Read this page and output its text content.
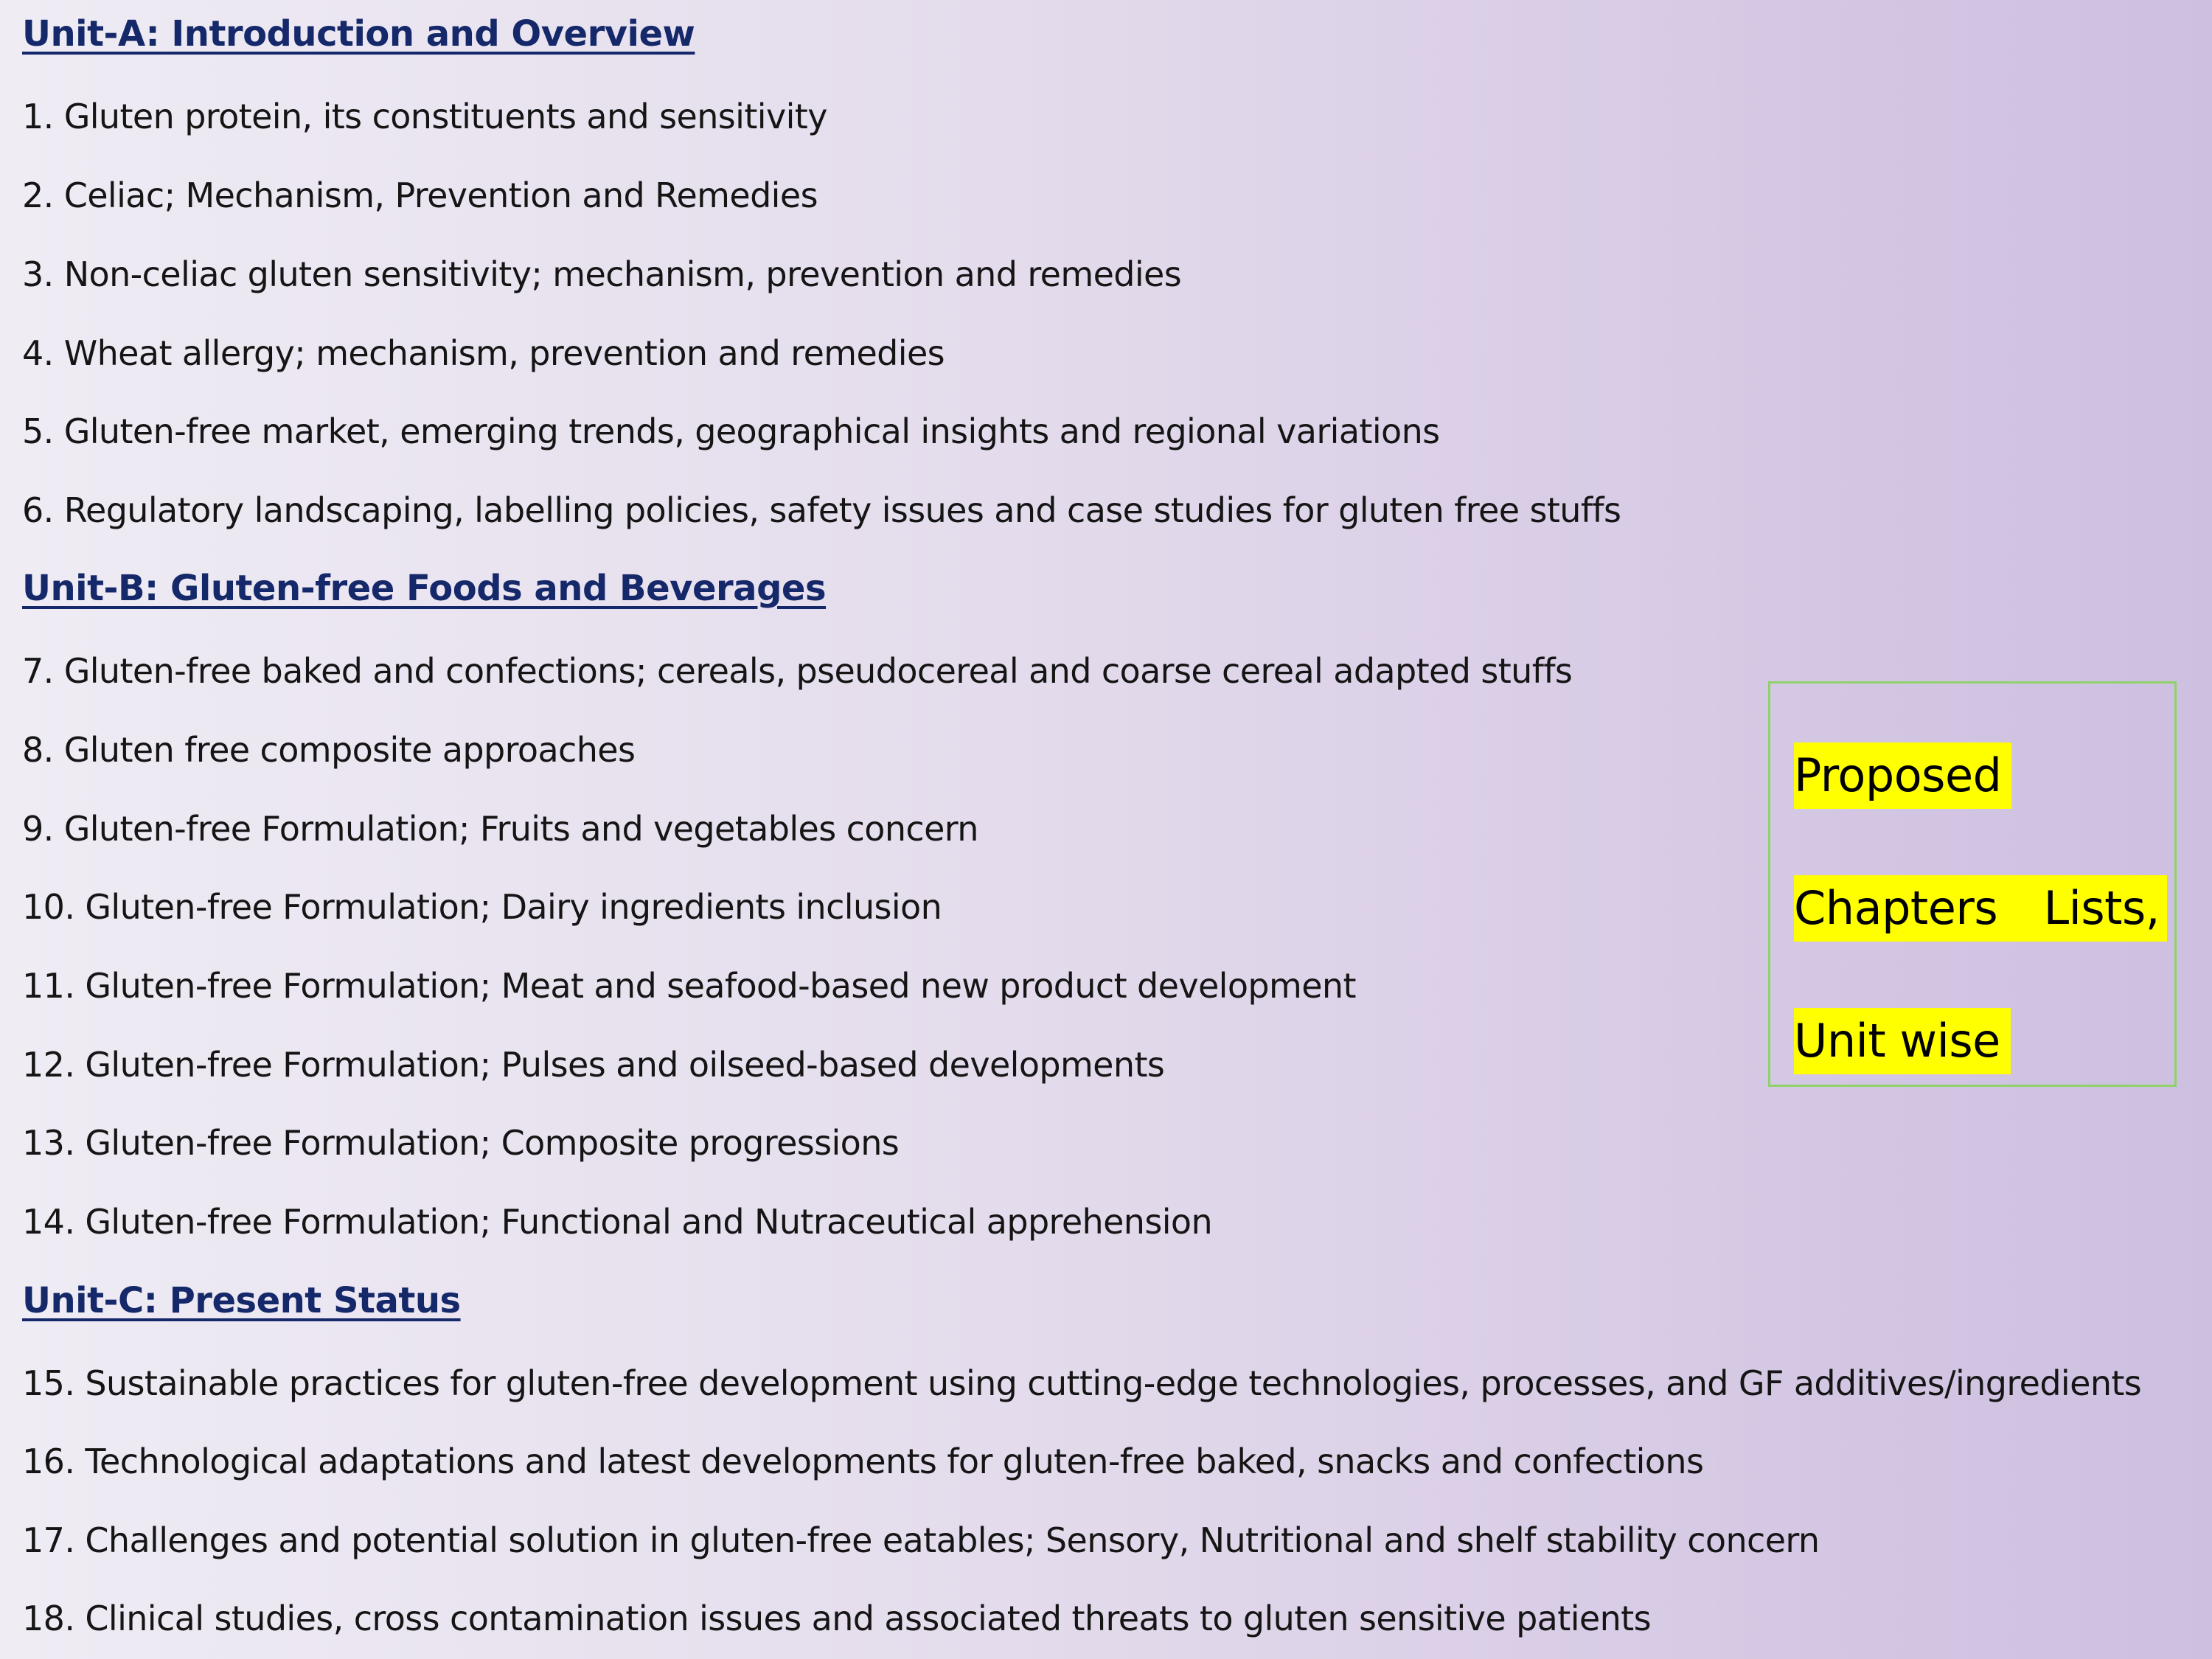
Unit-A: Introduction and Overview
1. Gluten protein, its constituents and sensitivity
2. Celiac; Mechanism, Prevention and Remedies
3. Non-celiac gluten sensitivity; mechanism, prevention and remedies
4. Wheat allergy; mechanism, prevention and remedies
5. Gluten-free market, emerging trends, geographical insights and regional variations
6. Regulatory landscaping, labelling policies, safety issues and case studies for gluten free stuffs
Unit-B: Gluten-free Foods and Beverages
7. Gluten-free baked and confections; cereals, pseudocereal and coarse cereal adapted stuffs
8. Gluten free composite approaches
9. Gluten-free Formulation; Fruits and vegetables concern
10. Gluten-free Formulation; Dairy ingredients inclusion
11. Gluten-free Formulation; Meat and seafood-based new product development
12. Gluten-free Formulation; Pulses and oilseed-based developments
13. Gluten-free Formulation; Composite progressions
14. Gluten-free Formulation; Functional and Nutraceutical apprehension
Unit-C: Present Status
15. Sustainable practices for gluten-free development using cutting-edge technologies, processes, and GF additives/ingredients
16. Technological adaptations and latest developments for gluten-free baked, snacks and confections
17. Challenges and potential solution in gluten-free eatables; Sensory, Nutritional and shelf stability concern
18. Clinical studies, cross contamination issues and associated threats to gluten sensitive patients
Proposed
Chapters Lists,
Unit wise
